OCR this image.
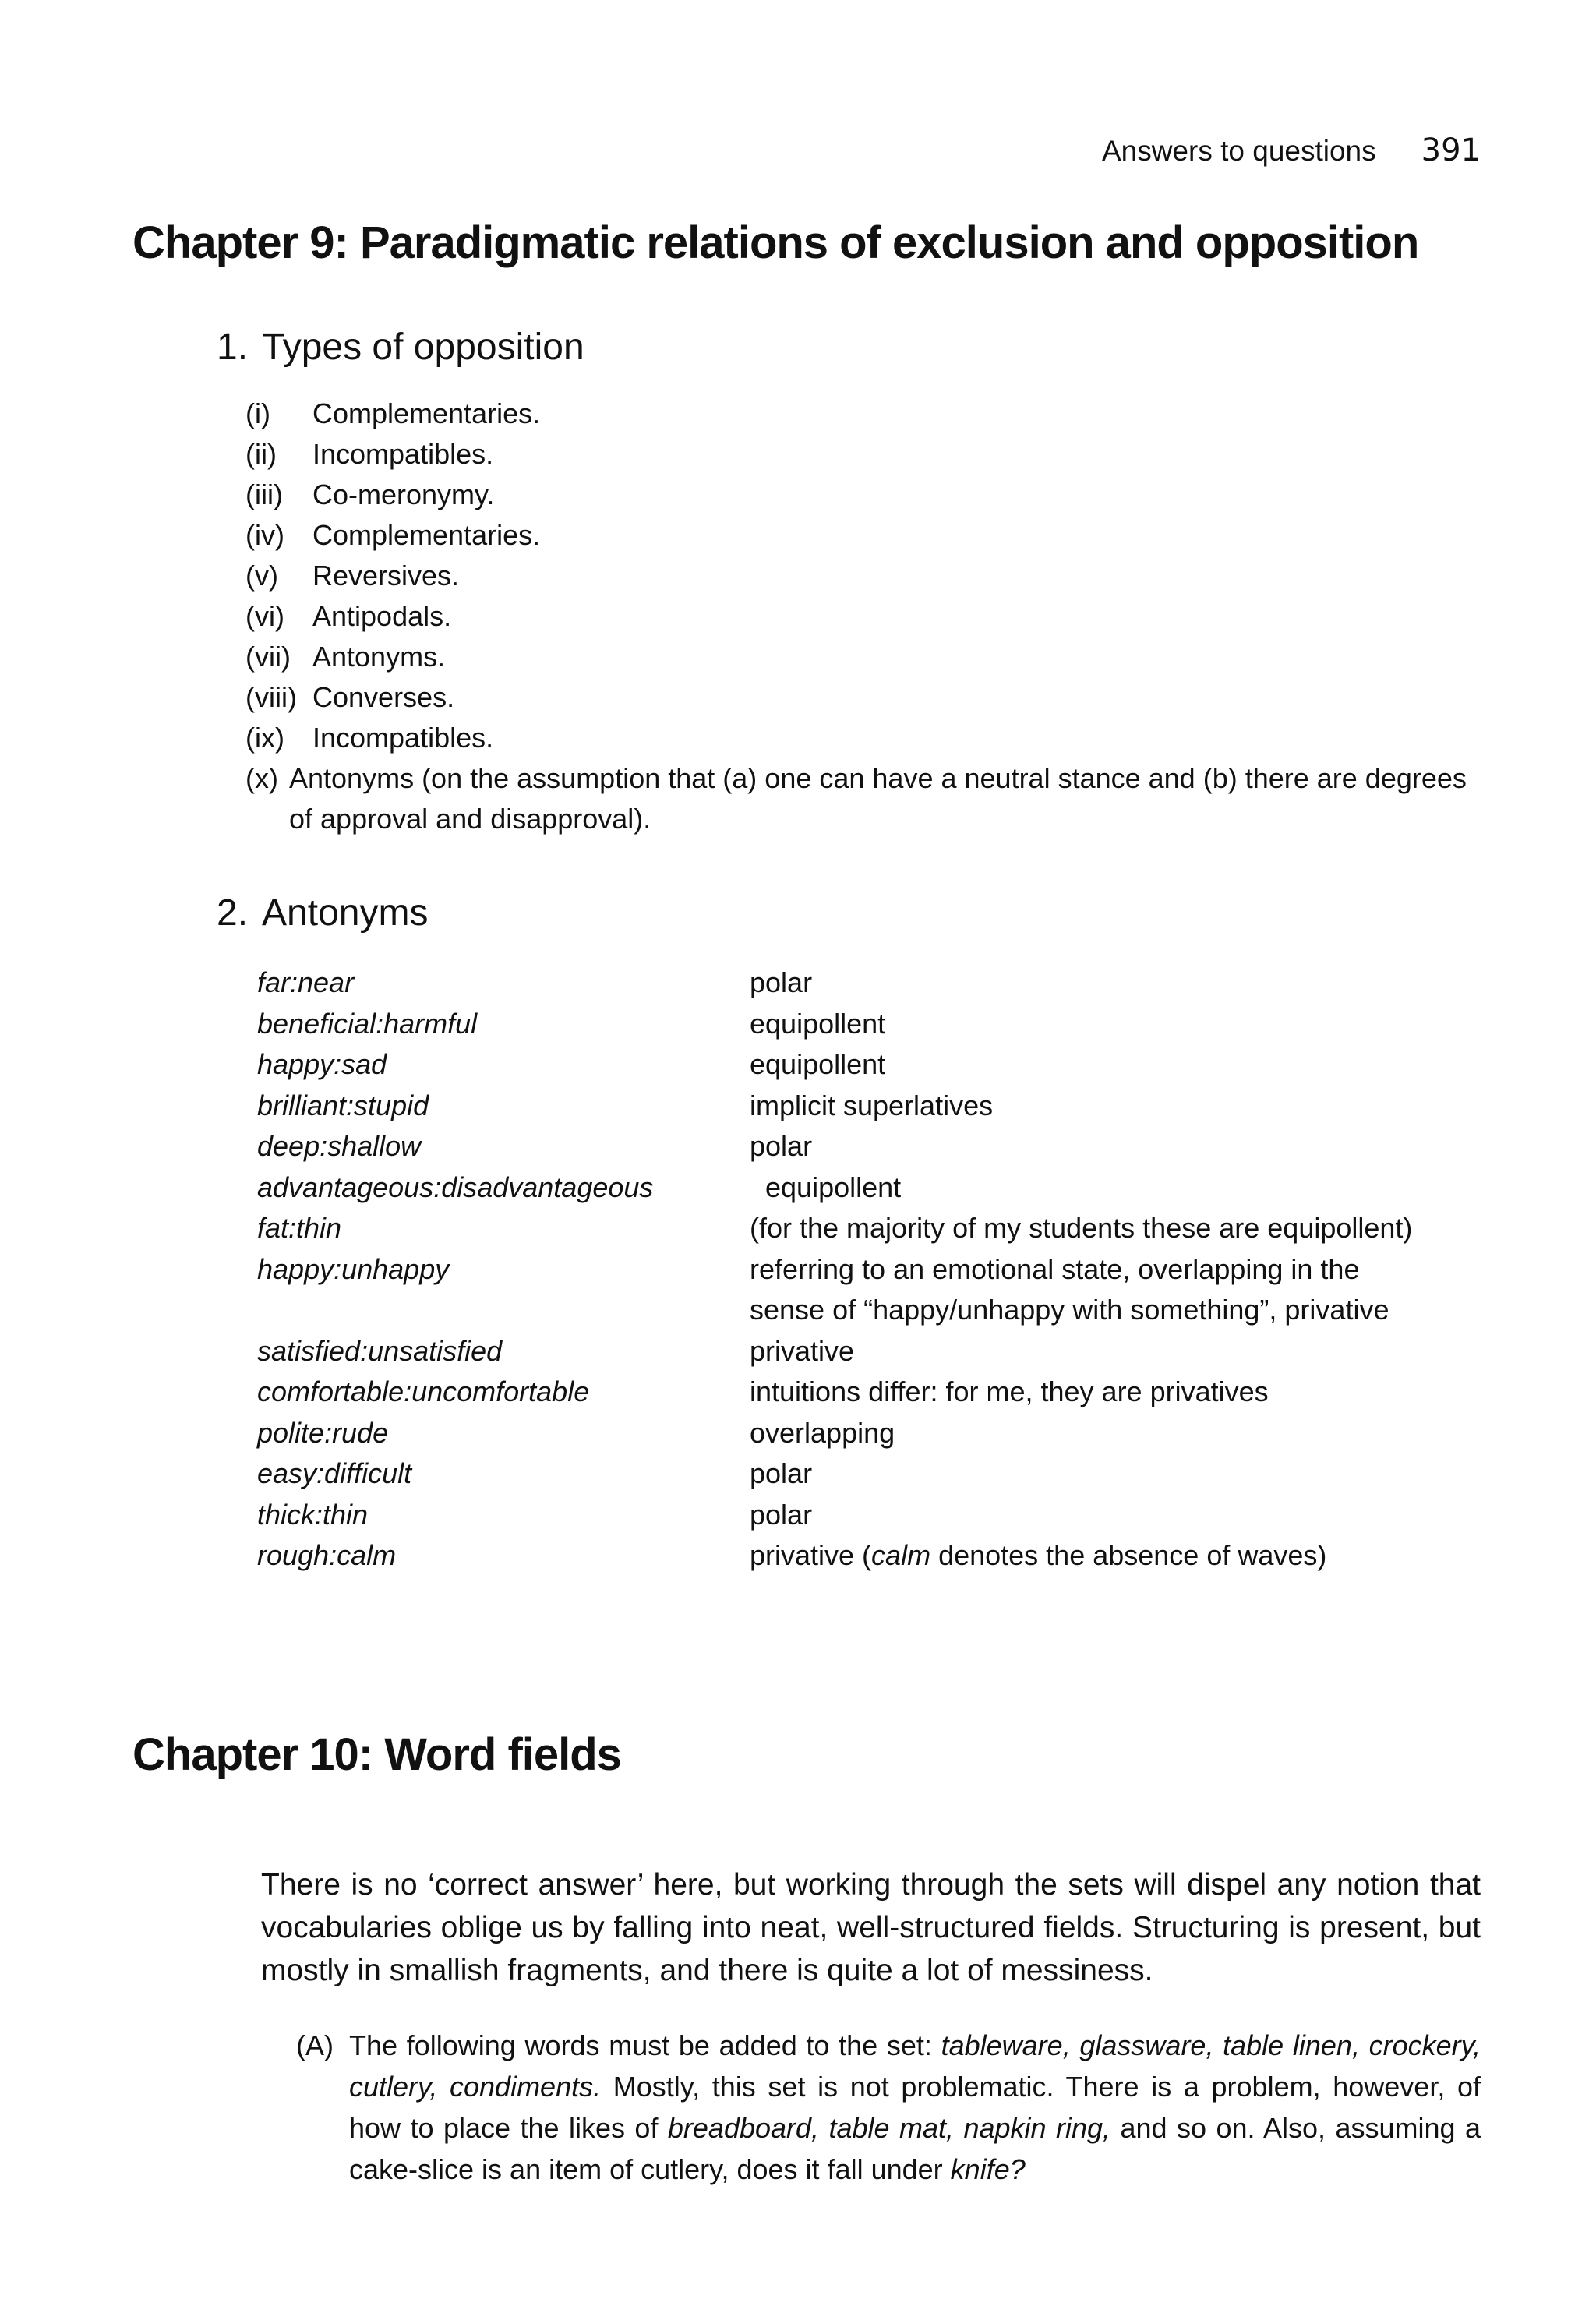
Answers to questions 391
Chapter 9: Paradigmatic relations of exclusion and opposition
1. Types of opposition
(i)	Complementaries.
(ii)	Incompatibles.
(iii)	Co-meronymy.
(iv)	Complementaries.
(v)	Reversives.
(vi)	Antipodals.
(vii) Antonyms.
(viii) Converses.
(ix)	Incompatibles.
(x) Antonyms (on the assumption that (a) one can have a neutral stance and (b) there are degrees of approval and disapproval).
2. Antonyms
far:near	polar
beneficial:harmful	equipollent
happy:sad	equipollent
brilliant:stupid	implicit superlatives
deep:shallow	polar
advantageous:disadvantageous	equipollent
fat:thin	(for the majority of my students these are equipollent)
happy:unhappy	referring to an emotional state, overlapping in the
sense of “happy/unhappy with something”, privative
satisfied:unsatisfied	privative
comfortable:uncomfortable	intuitions differ: for me, they are privatives
polite:rude	overlapping
easy:difficult	polar
thick:thin	polar
rough:calm	privative (calm denotes the absence of waves)
Chapter 10: Word fields

There is no ‘correct answer’ here, but working through the sets will dispel any notion that vocabularies oblige us by falling into neat, well-structured fields. Structuring is present, but mostly in smallish fragments, and there is quite a lot of messiness.

(A) The following words must be added to the set: tableware, glassware, table linen, crockery, cutlery, condiments. Mostly, this set is not problematic. There is a problem, however, of how to place the likes of breadboard, table mat, napkin ring, and so on. Also, assuming a cake-slice is an item of cutlery, does it fall under knife?
